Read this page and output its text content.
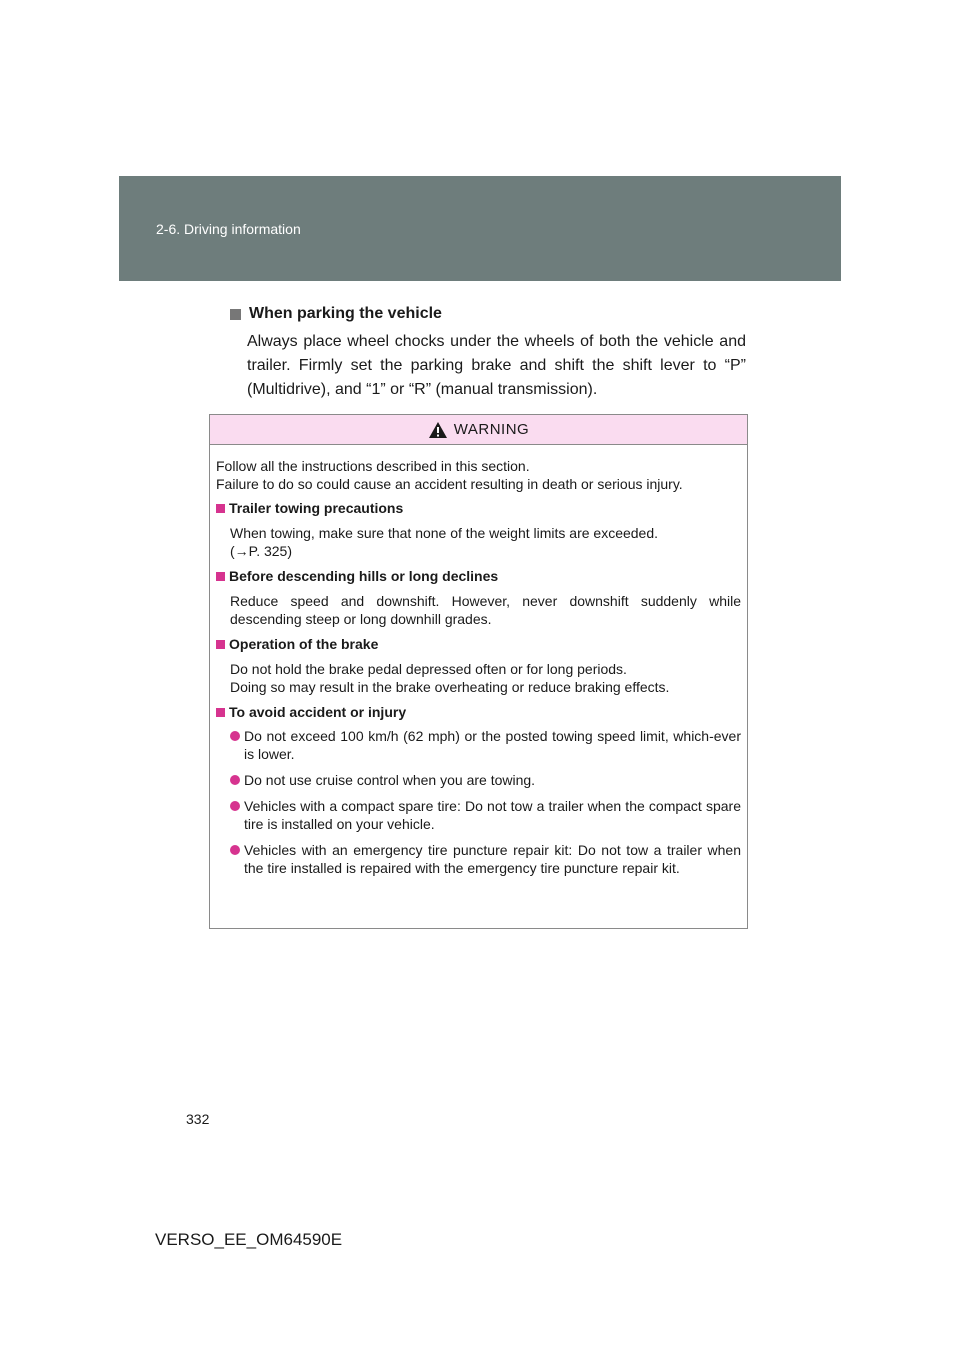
2-6. Driving information
When parking the vehicle
Always place wheel chocks under the wheels of both the vehicle and trailer. Firmly set the parking brake and shift the shift lever to “P” (Multidrive), and “1” or “R” (manual transmission).
WARNING
Follow all the instructions described in this section.
Failure to do so could cause an accident resulting in death or serious injury.
Trailer towing precautions
When towing, make sure that none of the weight limits are exceeded.
(→P. 325)
Before descending hills or long declines
Reduce speed and downshift. However, never downshift suddenly while descending steep or long downhill grades.
Operation of the brake
Do not hold the brake pedal depressed often or for long periods.
Doing so may result in the brake overheating or reduce braking effects.
To avoid accident or injury
Do not exceed 100 km/h (62 mph) or the posted towing speed limit, which-ever is lower.
Do not use cruise control when you are towing.
Vehicles with a compact spare tire: Do not tow a trailer when the compact spare tire is installed on your vehicle.
Vehicles with an emergency tire puncture repair kit: Do not tow a trailer when the tire installed is repaired with the emergency tire puncture repair kit.
332
VERSO_EE_OM64590E
